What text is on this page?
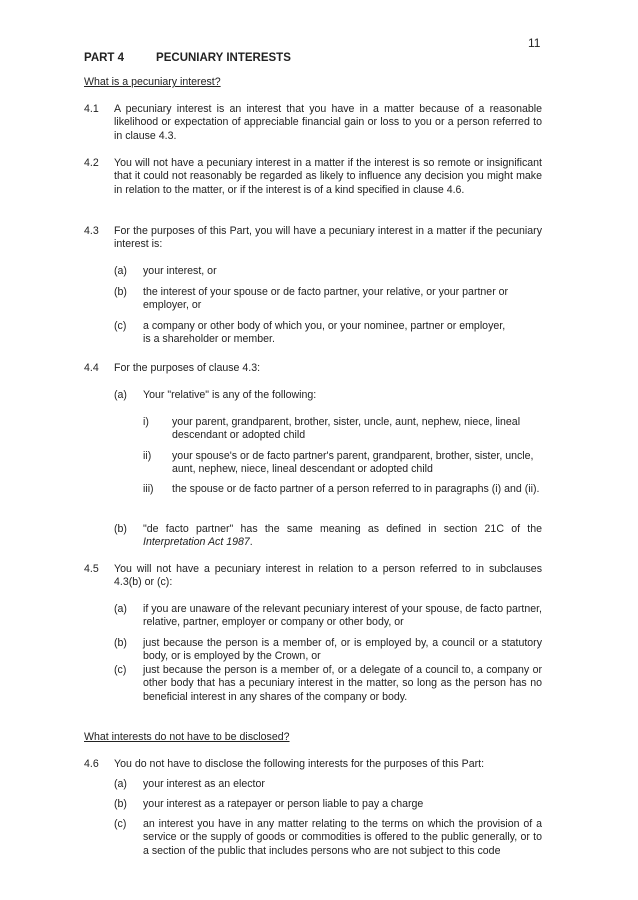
11
PART 4	PECUNIARY INTERESTS
What is a pecuniary interest?
4.1 A pecuniary interest is an interest that you have in a matter because of a reasonable likelihood or expectation of appreciable financial gain or loss to you or a person referred to in clause 4.3.
4.2 You will not have a pecuniary interest in a matter if the interest is so remote or insignificant that it could not reasonably be regarded as likely to influence any decision you might make in relation to the matter, or if the interest is of a kind specified in clause 4.6.
4.3 For the purposes of this Part, you will have a pecuniary interest in a matter if the pecuniary interest is:
(a) your interest, or
(b) the interest of your spouse or de facto partner, your relative, or your partner or employer, or
(c) a company or other body of which you, or your nominee, partner or employer, is a shareholder or member.
4.4 For the purposes of clause 4.3:
(a) Your "relative" is any of the following:
i) your parent, grandparent, brother, sister, uncle, aunt, nephew, niece, lineal descendant or adopted child
ii) your spouse's or de facto partner's parent, grandparent, brother, sister, uncle, aunt, nephew, niece, lineal descendant or adopted child
iii) the spouse or de facto partner of a person referred to in paragraphs (i) and (ii).
(b) "de facto partner" has the same meaning as defined in section 21C of the Interpretation Act 1987.
4.5 You will not have a pecuniary interest in relation to a person referred to in subclauses 4.3(b) or (c):
(a) if you are unaware of the relevant pecuniary interest of your spouse, de facto partner, relative, partner, employer or company or other body, or
(b) just because the person is a member of, or is employed by, a council or a statutory body, or is employed by the Crown, or
(c) just because the person is a member of, or a delegate of a council to, a company or other body that has a pecuniary interest in the matter, so long as the person has no beneficial interest in any shares of the company or body.
What interests do not have to be disclosed?
4.6 You do not have to disclose the following interests for the purposes of this Part:
(a) your interest as an elector
(b) your interest as a ratepayer or person liable to pay a charge
(c) an interest you have in any matter relating to the terms on which the provision of a service or the supply of goods or commodities is offered to the public generally, or to a section of the public that includes persons who are not subject to this code
